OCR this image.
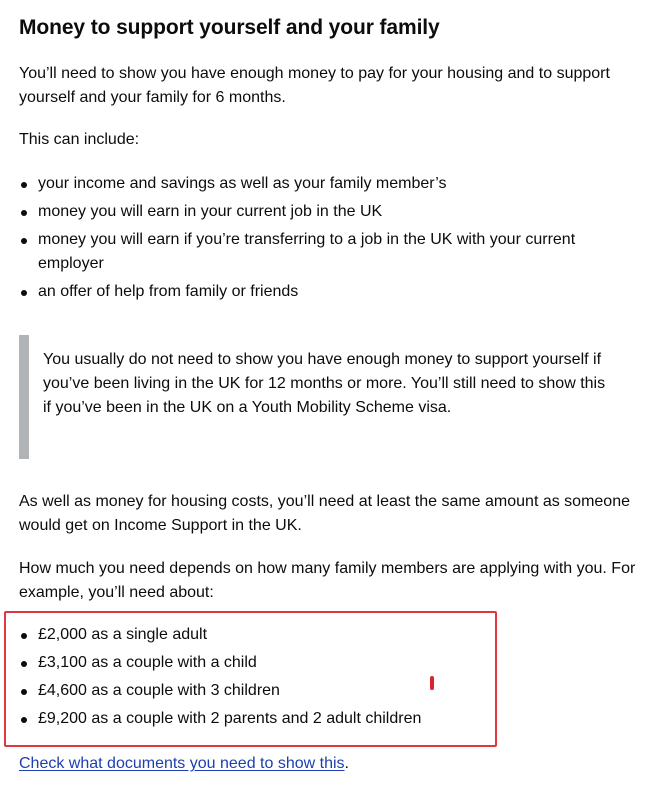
Money to support yourself and your family

You’ll need to show you have enough money to pay for your housing and to support yourself and your family for 6 months.

This can include:

your income and savings as well as your family member’s
money you will earn in your current job in the UK
money you will earn if you’re transferring to a job in the UK with your current employer
an offer of help from family or friends

You usually do not need to show you have enough money to support yourself if you’ve been living in the UK for 12 months or more. You’ll still need to show this if you’ve been in the UK on a Youth Mobility Scheme visa.

As well as money for housing costs, you’ll need at least the same amount as someone would get on Income Support in the UK.

How much you need depends on how many family members are applying with you. For example, you’ll need about:

£2,000 as a single adult
£3,100 as a couple with a child
£4,600 as a couple with 3 children
£9,200 as a couple with 2 parents and 2 adult children
Check what documents you need to show this.
